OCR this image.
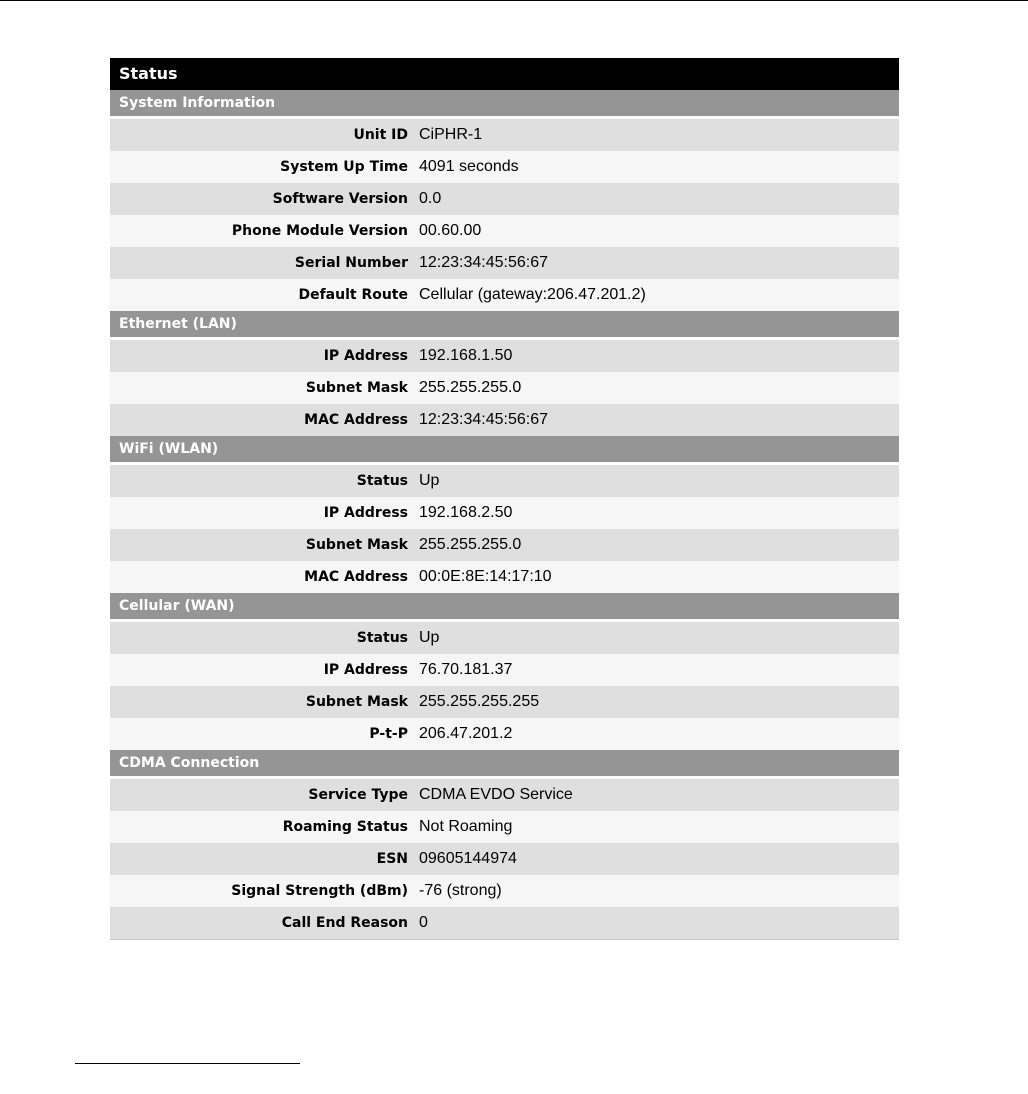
Status
System Information
Unit ID CiPHR-1
System Up Time 4091 seconds
Software Version 0.0
Phone Module Version 00.60.00
Serial Number 12:23:34:45:56:67
Default Route Cellular (gateway:206.47.201.2)
Ethernet (LAN)
IP Address 192.168.1.50
Subnet Mask 255.255.255.0
MAC Address 12:23:34:45:56:67
WiFi (WLAN)
Status Up
IP Address 192.168.2.50
Subnet Mask 255.255.255.0
MAC Address 00:0E:8E:14:17:10
Cellular (WAN)
Status Up
IP Address 76.70.181.37
Subnet Mask 255.255.255.255
P-t-P 206.47.201.2
CDMA Connection
Service Type CDMA EVDO Service
Roaming Status Not Roaming
ESN 09605144974
Signal Strength (dBm) -76 (strong)
Call End Reason 0
